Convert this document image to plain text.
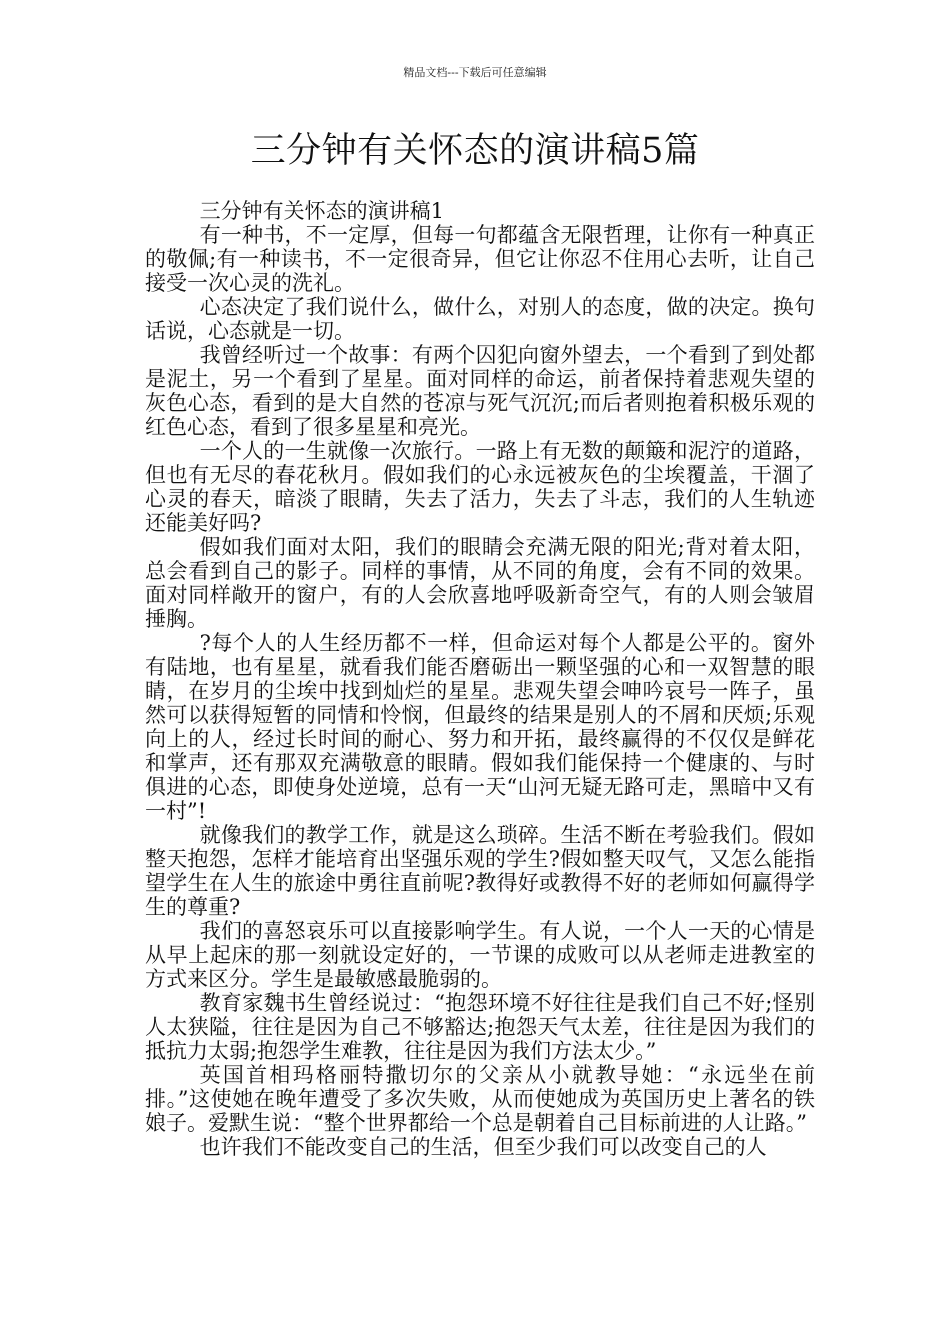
精品文档---下载后可任意编辑
三分钟有关怀态的演讲稿5篇

三分钟有关怀态的演讲稿1

有一种书，不一定厚，但每一句都蕴含无限哲理，让你有一种真正的敬佩;有一种读书，不一定很奇异，但它让你忍不住用心去听，让自己接受一次心灵的洗礼。

心态决定了我们说什么，做什么，对别人的态度，做的决定。换句话说，心态就是一切。

我曾经听过一个故事：有两个囚犯向窗外望去，一个看到了到处都是泥土，另一个看到了星星。面对同样的命运，前者保持着悲观失望的灰色心态，看到的是大自然的苍凉与死气沉沉;而后者则抱着积极乐观的红色心态，看到了很多星星和亮光。

一个人的一生就像一次旅行。一路上有无数的颠簸和泥泞的道路，但也有无尽的春花秋月。假如我们的心永远被灰色的尘埃覆盖，干涸了心灵的春天，暗淡了眼睛，失去了活力，失去了斗志，我们的人生轨迹还能美好吗?

假如我们面对太阳，我们的眼睛会充满无限的阳光;背对着太阳，总会看到自己的影子。同样的事情，从不同的角度，会有不同的效果。面对同样敞开的窗户，有的人会欣喜地呼吸新奇空气，有的人则会皱眉捶胸。

?每个人的人生经历都不一样，但命运对每个人都是公平的。窗外有陆地，也有星星，就看我们能否磨砺出一颗坚强的心和一双智慧的眼睛，在岁月的尘埃中找到灿烂的星星。悲观失望会呻吟哀号一阵子，虽然可以获得短暂的同情和怜悯，但最终的结果是别人的不屑和厌烦;乐观向上的人，经过长时间的耐心、努力和开拓，最终赢得的不仅仅是鲜花和掌声，还有那双充满敬意的眼睛。假如我们能保持一个健康的、与时俱进的心态，即使身处逆境，总有一天“山河无疑无路可走，黑暗中又有一村”!

就像我们的教学工作，就是这么琐碎。生活不断在考验我们。假如整天抱怨，怎样才能培育出坚强乐观的学生?假如整天叹气，又怎么能指望学生在人生的旅途中勇往直前呢?教得好或教得不好的老师如何赢得学生的尊重?

我们的喜怒哀乐可以直接影响学生。有人说，一个人一天的心情是从早上起床的那一刻就设定好的，一节课的成败可以从老师走进教室的方式来区分。学生是最敏感最脆弱的。

教育家魏书生曾经说过：“抱怨环境不好往往是我们自己不好;怪别人太狭隘，往往是因为自己不够豁达;抱怨天气太差，往往是因为我们的抵抗力太弱;抱怨学生难教，往往是因为我们方法太少。”

英国首相玛格丽特撒切尔的父亲从小就教导她：“永远坐在前排。”这使她在晚年遭受了多次失败，从而使她成为英国历史上著名的铁娘子。爱默生说：“整个世界都给一个总是朝着自己目标前进的人让路。”

也许我们不能改变自己的生活，但至少我们可以改变自己的人
